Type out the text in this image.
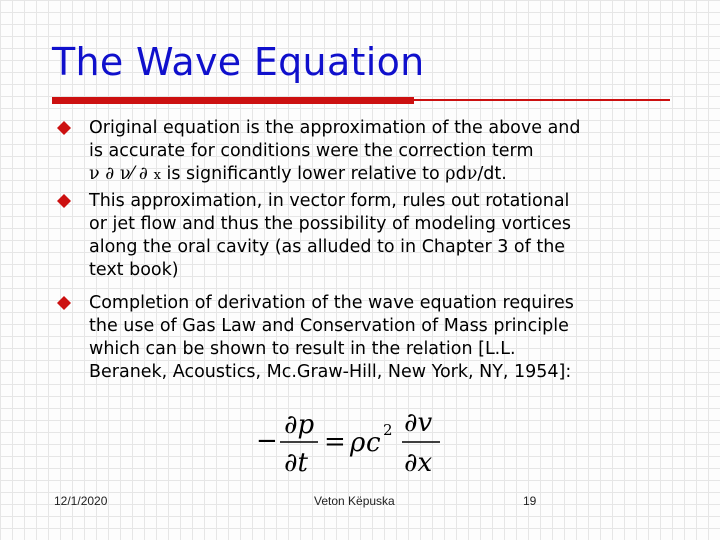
The Wave Equation
Original equation is the approximation of the above and
is accurate for conditions were the correction term
ν ∂ ν⁄ ∂ x is significantly lower relative to ρdν/dt.
This approximation, in vector form, rules out rotational
or jet flow and thus the possibility of modeling vortices
along the oral cavity (as alluded to in Chapter 3 of the
text book)
Completion of derivation of the wave equation requires
the use of Gas Law and Conservation of Mass principle
which can be shown to result in the relation [L.L.
Beranek, Acoustics, Mc.Graw-Hill, New York, NY, 1954]:
−
∂p
∂t
= ρ c 2 ∂v
∂x
12/1/2020	Veton Këpuska	19
